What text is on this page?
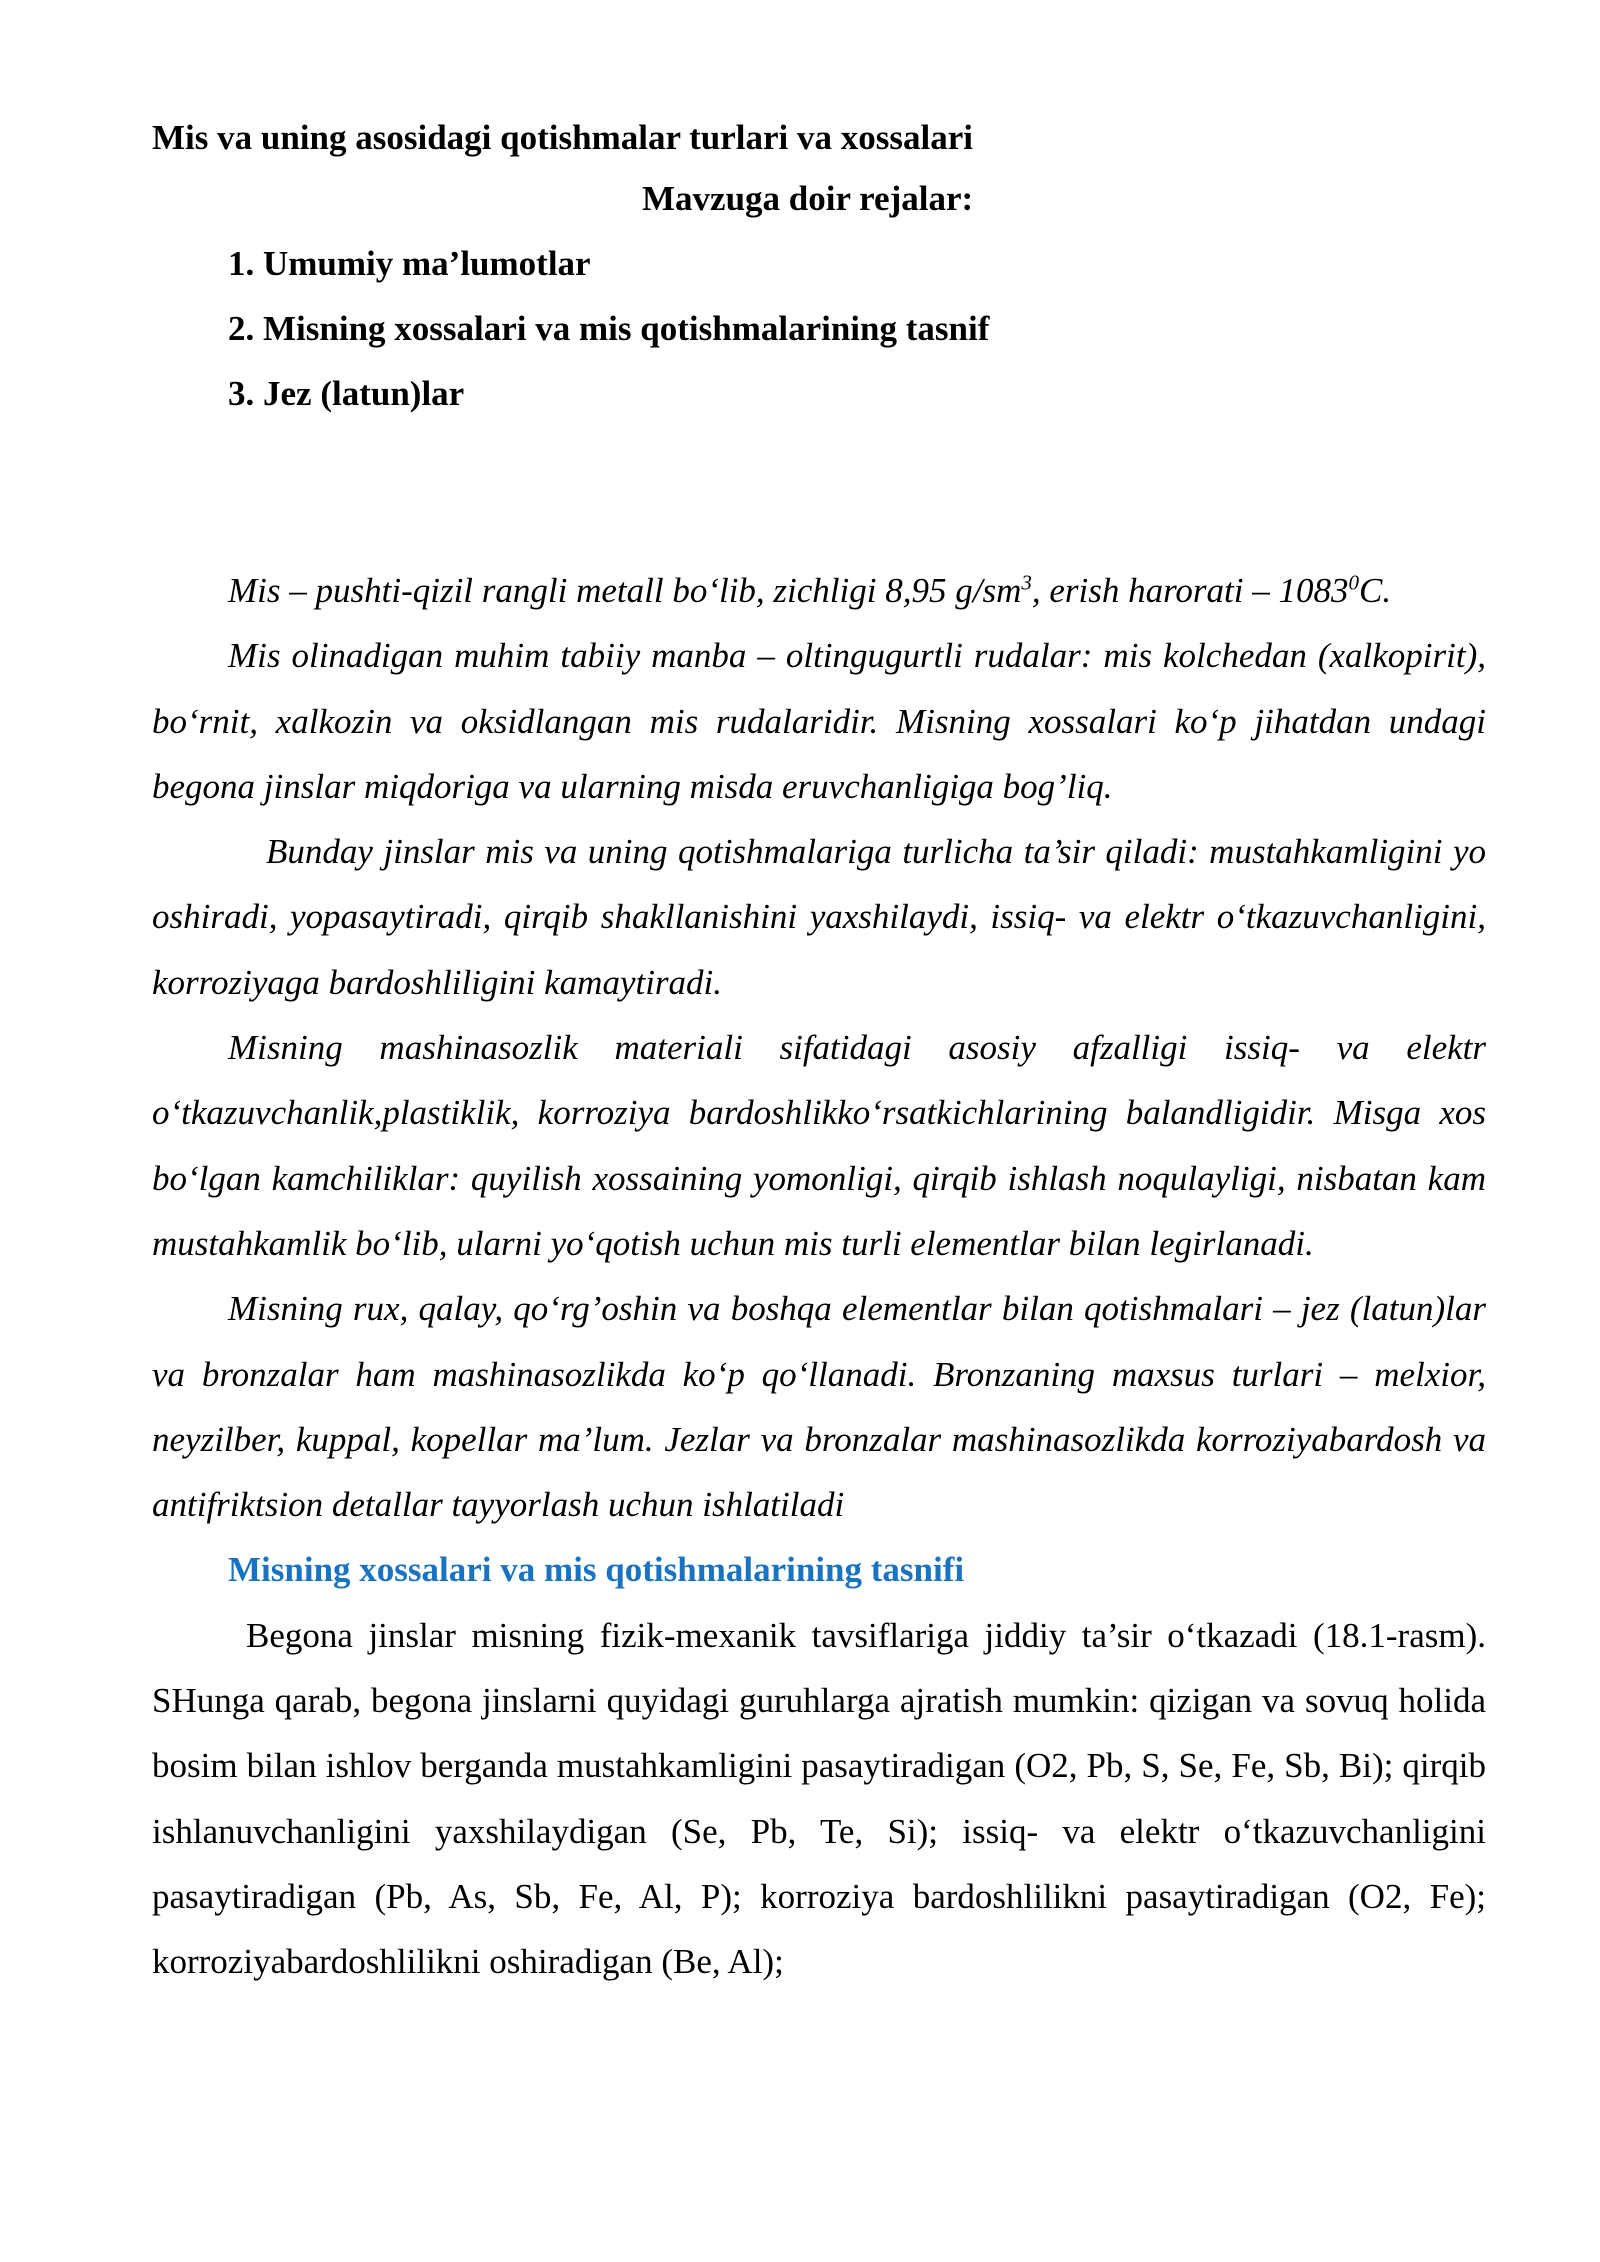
Mis va uning asosidagi qotishmalar turlari va xossalari

Mavzuga doir rejalar:

1. Umumiy ma’lumotlar

2. Misning xossalari va mis qotishmalarining tasnif

3. Jez (latun)lar

Mis – pushti-qizil rangli metall bo‘lib, zichligi 8,95 $g/sm^3$, erish harorati – 1083$^0$C.

Mis olinadigan muhim tabiiy manba – oltingugurtli rudalar: mis kolchedan (xalkopirit), bo‘rnit, xalkozin va oksidlangan mis rudalaridir. Misning xossalari ko‘p jihatdan undagi begona jinslar miqdoriga va ularning misda eruvchanligiga bog’liq.

Bunday jinslar mis va uning qotishmalariga turlicha ta’sir qiladi: mustahkamligini yo oshiradi, yopasaytiradi, qirqib shakllanishini yaxshilaydi, issiq- va elektr o‘tkazuvchanligini, korroziyaga bardoshliligini kamaytiradi.

Misning mashinasozlik materiali sifatidagi asosiy afzalligi issiq- va elektr o‘tkazuvchanlik,plastiklik, korroziya bardoshlikko‘rsatkichlarining balandligidir. Misga xos bo‘lgan kamchiliklar: quyilish xossaining yomonligi, qirqib ishlash noqulayligi, nisbatan kam mustahkamlik bo‘lib, ularni yo‘qotish uchun mis turli elementlar bilan legirlanadi.

Misning rux, qalay, qo‘rg’oshin va boshqa elementlar bilan qotishmalari – jez (latun)lar va bronzalar ham mashinasozlikda ko‘p qo‘llanadi. Bronzaning maxsus turlari – melxior, neyzilber, kuppal, kopellar ma’lum. Jezlar va bronzalar mashinasozlikda korroziyabardosh va antifriktsion detallar tayyorlash uchun ishlatiladi

Misning xossalari va mis qotishmalarining tasnifi

Begona jinslar misning fizik-mexanik tavsiflariga jiddiy ta’sir o‘tkazadi (18.1-rasm). SHunga qarab, begona jinslarni quyidagi guruhlarga ajratish mumkin: qizigan va sovuq holida bosim bilan ishlov berganda mustahkamligini pasaytiradigan (O2, Pb, S, Se, Fe, Sb, Bi); qirqib ishlanuvchanligini yaxshilaydigan (Se, Pb, Te, Si); issiq- va elektr o‘tkazuvchanligini pasaytiradigan (Pb, As, Sb, Fe, Al, P); korroziya bardoshlilikni pasaytiradigan (O2, Fe); korroziyabardoshlilikni oshiradigan (Be, Al);
